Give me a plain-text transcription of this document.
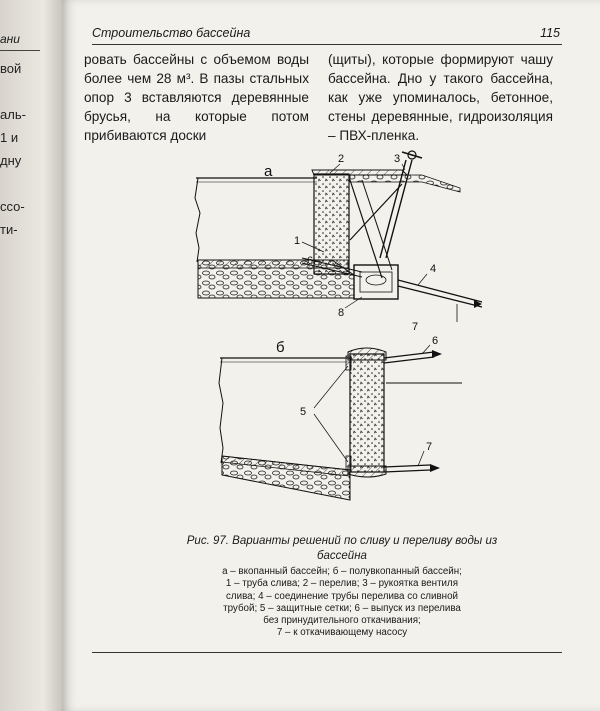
ани
вой
аль-
1 и
дну
ссо-
ти-
Строительство бассейна	115

ровать бассейны с объемом воды более чем 28 м³. В пазы стальных опор 3 вставляются деревянные брусья, на которые потом прибиваются доски

(щиты), которые формируют чашу бассейна. Дно у такого бассейна, как уже упоминалось, бетонное, стены деревянные, гидроизоляция – ПВХ-пленка.

а
1
6
2	3
4
8
7
б
5
6
7
Рис. 97. Варианты решений по сливу и переливу воды из бассейна
а – вкопанный бассейн; б – полувкопанный бассейн;
1 – труба слива; 2 – перелив; 3 – рукоятка вентиля
слива; 4 – соединение трубы перелива со сливной
трубой; 5 – защитные сетки; 6 – выпуск из перелива
без принудительного откачивания;
7 – к откачивающему насосу
